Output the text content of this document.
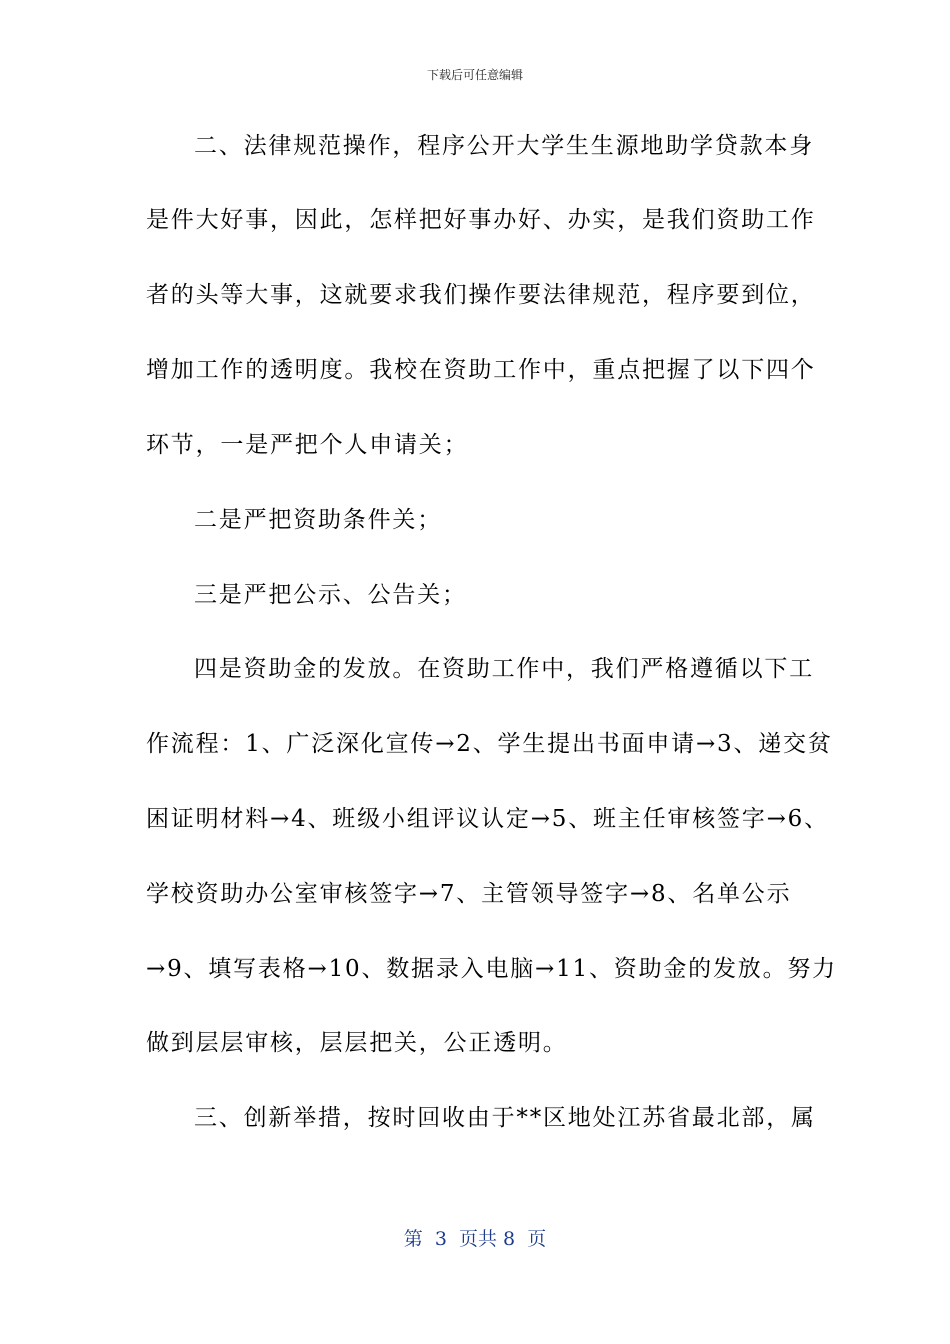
下载后可任意编辑
二、法律规范操作，程序公开大学生生源地助学贷款本身
是件大好事，因此，怎样把好事办好、办实，是我们资助工作
者的头等大事，这就要求我们操作要法律规范，程序要到位，
增加工作的透明度。我校在资助工作中，重点把握了以下四个
环节，一是严把个人申请关；
二是严把资助条件关；
三是严把公示、公告关；
四是资助金的发放。在资助工作中，我们严格遵循以下工
作流程：1、广泛深化宣传→2、学生提出书面申请→3、递交贫
困证明材料→4、班级小组评议认定→5、班主任审核签字→6、
学校资助办公室审核签字→7、主管领导签字→8、名单公示
→9、填写表格→10、数据录入电脑→11、资助金的发放。努力
做到层层审核，层层把关，公正透明。
三、创新举措，按时回收由于**区地处江苏省最北部，属
第  3  页共 8  页
